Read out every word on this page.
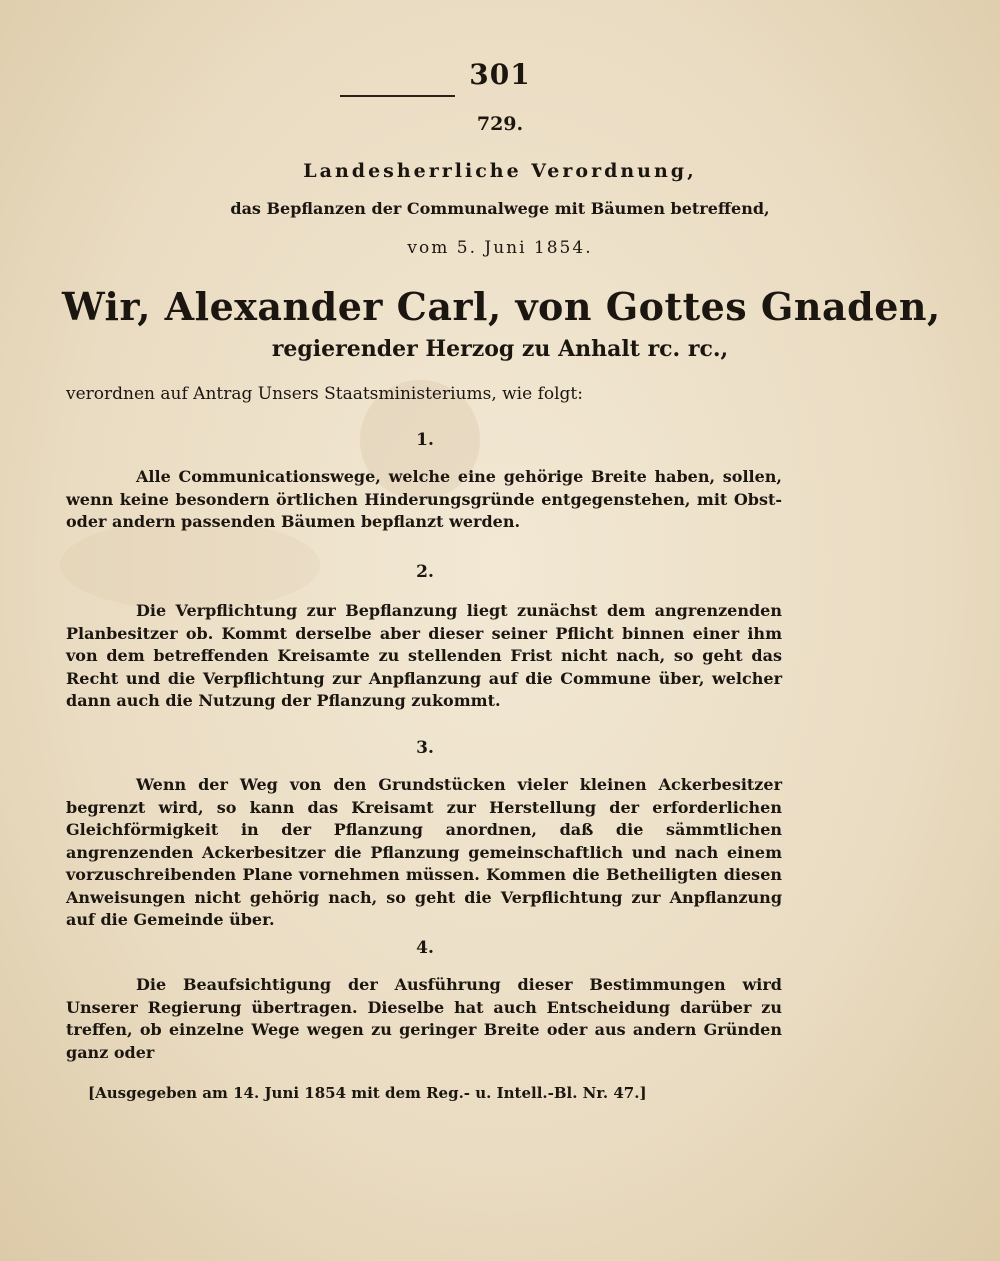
301
729.
Landesherrliche Verordnung,
das Bepflanzen der Communalwege mit Bäumen betreffend,
vom 5. Juni 1854.
Wir, Alexander Carl, von Gottes Gnaden,
regierender Herzog zu Anhalt rc. rc.,
verordnen auf Antrag Unsers Staatsministeriums, wie folgt:
1.
Alle Communicationswege, welche eine gehörige Breite haben, sollen, wenn keine besondern örtlichen Hinderungsgründe entgegenstehen, mit Obst- oder andern passenden Bäumen bepflanzt werden.
2.
Die Verpflichtung zur Bepflanzung liegt zunächst dem angrenzenden Planbesitzer ob. Kommt derselbe aber dieser seiner Pflicht binnen einer ihm von dem betreffenden Kreisamte zu stellenden Frist nicht nach, so geht das Recht und die Verpflichtung zur Anpflanzung auf die Commune über, welcher dann auch die Nutzung der Pflanzung zukommt.
3.
Wenn der Weg von den Grundstücken vieler kleinen Ackerbesitzer begrenzt wird, so kann das Kreisamt zur Herstellung der erforderlichen Gleichförmigkeit in der Pflanzung anordnen, daß die sämmtlichen angrenzenden Ackerbesitzer die Pflanzung gemeinschaftlich und nach einem vorzuschreibenden Plane vornehmen müssen. Kommen die Betheiligten diesen Anweisungen nicht gehörig nach, so geht die Verpflichtung zur Anpflanzung auf die Gemeinde über.
4.
Die Beaufsichtigung der Ausführung dieser Bestimmungen wird Unserer Regierung übertragen. Dieselbe hat auch Entscheidung darüber zu treffen, ob einzelne Wege wegen zu geringer Breite oder aus andern Gründen ganz oder
[Ausgegeben am 14. Juni 1854 mit dem Reg.- u. Intell.-Bl. Nr. 47.]
